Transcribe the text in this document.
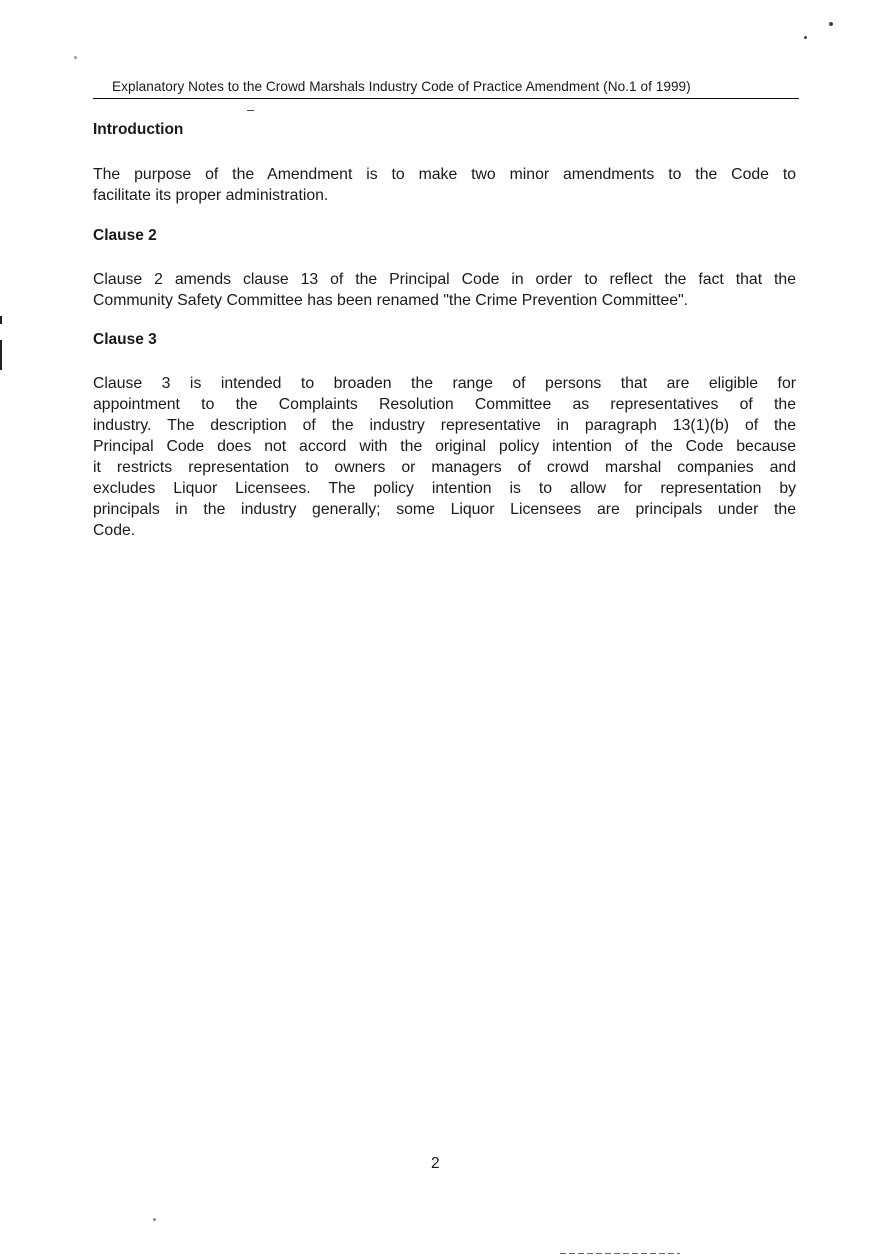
Explanatory Notes to the Crowd Marshals Industry Code of Practice Amendment (No.1 of 1999)
Introduction
The purpose of the Amendment is to make two minor amendments to the Code to
facilitate its proper administration.
Clause 2
Clause 2 amends clause 13 of the Principal Code in order to reflect the fact that the
Community Safety Committee has been renamed "the Crime Prevention Committee".
Clause 3
Clause 3 is intended to broaden the range of persons that are eligible for
appointment to the Complaints Resolution Committee as representatives of the
industry. The description of the industry representative in paragraph 13(1)(b) of the
Principal Code does not accord with the original policy intention of the Code because
it restricts representation to owners or managers of crowd marshal companies and
excludes Liquor Licensees. The policy intention is to allow for representation by
principals in the industry generally; some Liquor Licensees are principals under the
Code.
2
